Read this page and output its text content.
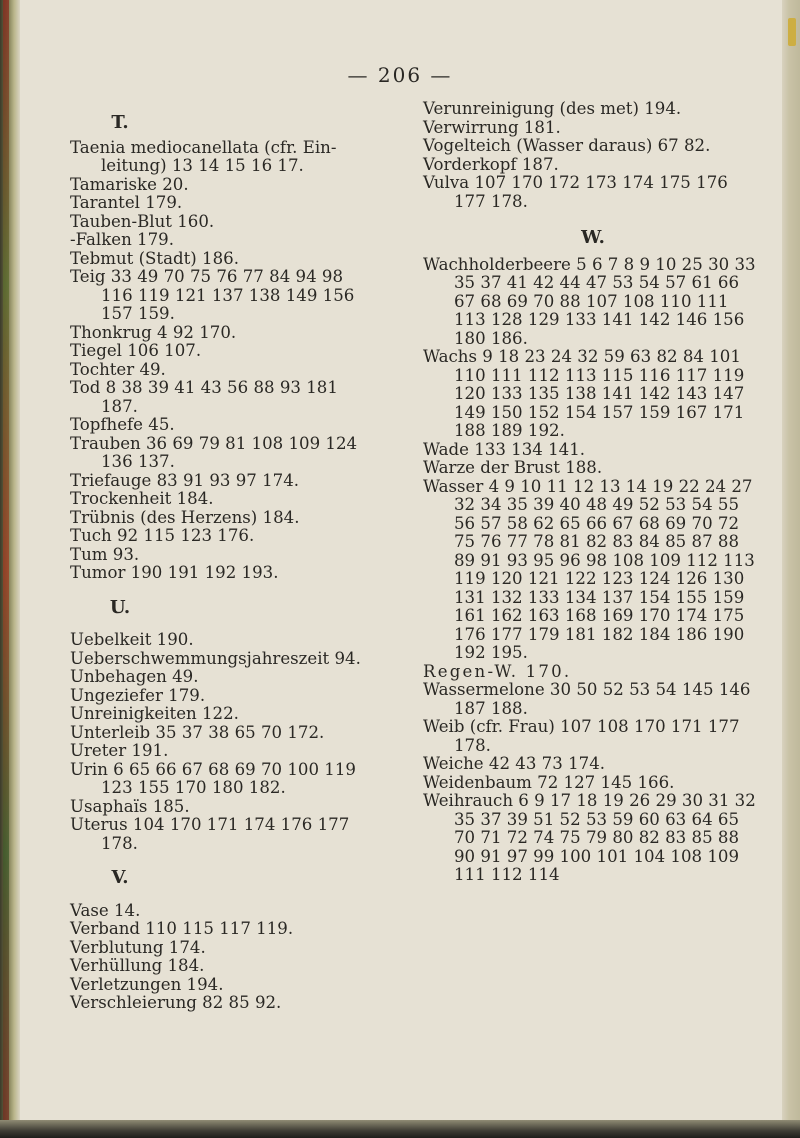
— 206 —

T.

Taenia mediocanellata (cfr. Ein-leitung) 13 14 15 16 17.

Tamariske 20.

Tarantel 179.

Tauben-Blut 160.

-Falken 179.

Tebmut (Stadt) 186.

Teig 33 49 70 75 76 77 84 94 98 116 119 121 137 138 149 156 157 159.

Thonkrug 4 92 170.

Tiegel 106 107.

Tochter 49.

Tod 8 38 39 41 43 56 88 93 181 187.

Topfhefe 45.

Trauben 36 69 79 81 108 109 124 136 137.

Triefauge 83 91 93 97 174.

Trockenheit 184.

Trübnis (des Herzens) 184.

Tuch 92 115 123 176.

Tum 93.

Tumor 190 191 192 193.

U.

Uebelkeit 190.

Ueberschwemmungsjahreszeit 94.

Unbehagen 49.

Ungeziefer 179.

Unreinigkeiten 122.

Unterleib 35 37 38 65 70 172.

Ureter 191.

Urin 6 65 66 67 68 69 70 100 119 123 155 170 180 182.

Usaphaïs 185.

Uterus 104 170 171 174 176 177 178.

V.

Vase 14.

Verband 110 115 117 119.

Verblutung 174.

Verhüllung 184.

Verletzungen 194.

Verschleierung 82 85 92.

Verunreinigung (des met) 194.

Verwirrung 181.

Vogelteich (Wasser daraus) 67 82.

Vorderkopf 187.

Vulva 107 170 172 173 174 175 176 177 178.

W.

Wachholderbeere 5 6 7 8 9 10 25 30 33 35 37 41 42 44 47 53 54 57 61 66 67 68 69 70 88 107 108 110 111 113 128 129 133 141 142 146 156 180 186.

Wachs 9 18 23 24 32 59 63 82 84 101 110 111 112 113 115 116 117 119 120 133 135 138 141 142 143 147 149 150 152 154 157 159 167 171 188 189 192.

Wade 133 134 141.

Warze der Brust 188.

Wasser 4 9 10 11 12 13 14 19 22 24 27 32 34 35 39 40 48 49 52 53 54 55 56 57 58 62 65 66 67 68 69 70 72 75 76 77 78 81 82 83 84 85 87 88 89 91 93 95 96 98 108 109 112 113 119 120 121 122 123 124 126 130 131 132 133 134 137 154 155 159 161 162 163 168 169 170 174 175 176 177 179 181 182 184 186 190 192 195.

Regen-W. 170.

Wassermelone 30 50 52 53 54 145 146 187 188.

Weib (cfr. Frau) 107 108 170 171 177 178.

Weiche 42 43 73 174.

Weidenbaum 72 127 145 166.

Weihrauch 6 9 17 18 19 26 29 30 31 32 35 37 39 51 52 53 59 60 63 64 65 70 71 72 74 75 79 80 82 83 85 88 90 91 97 99 100 101 104 108 109 111 112 114
